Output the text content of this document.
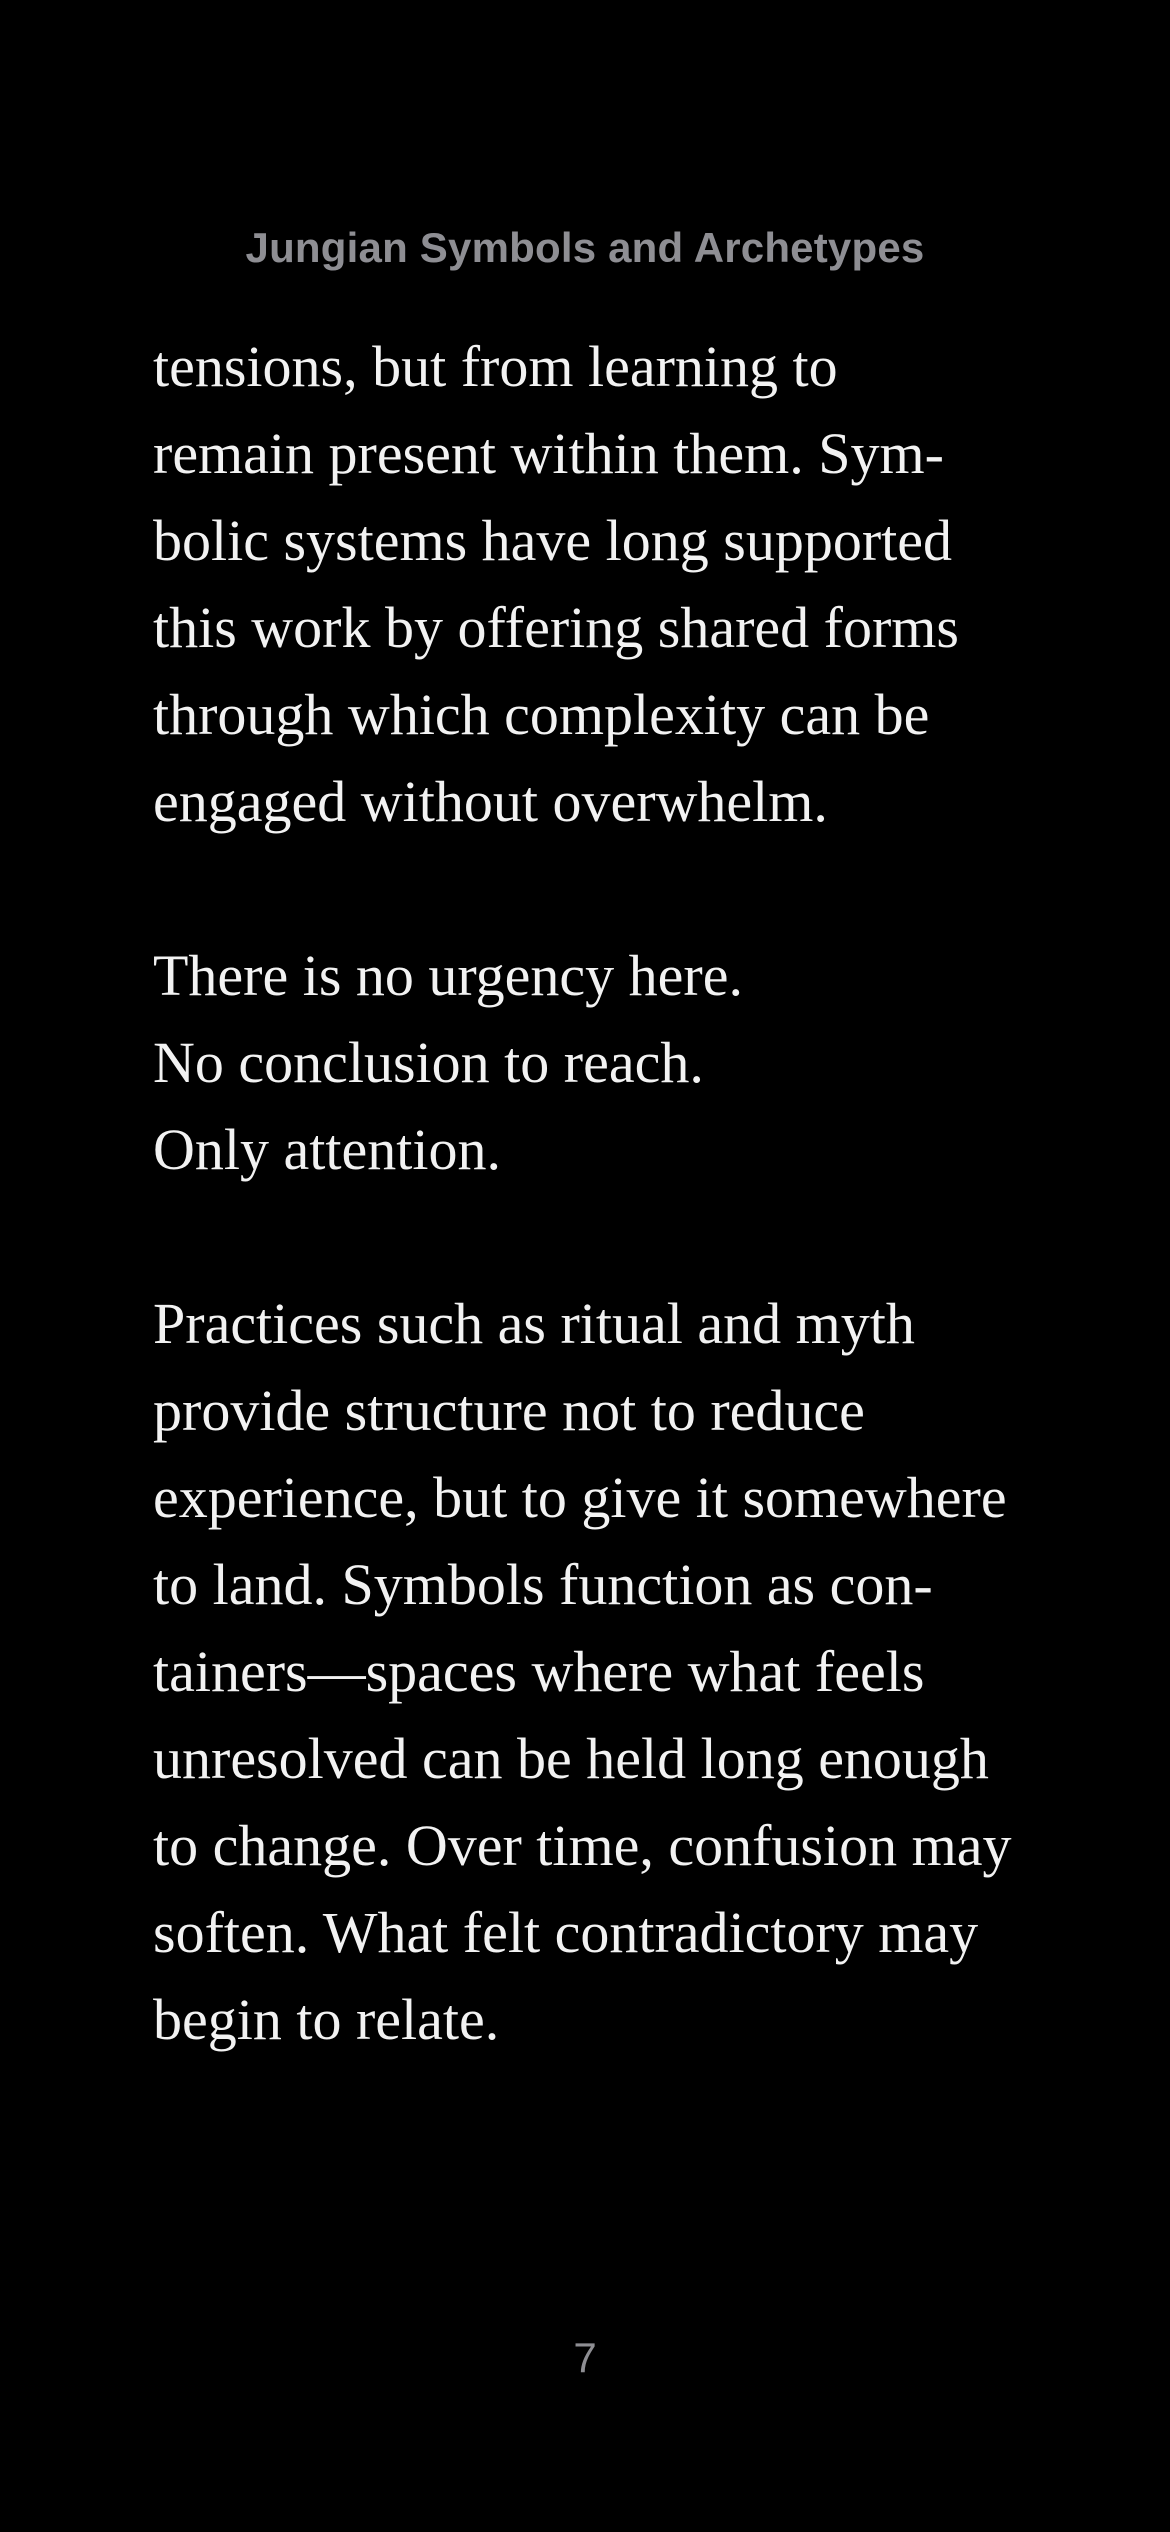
Jungian Symbols and Archetypes
tensions, but from learning to
remain present within them. Sym-
bolic systems have long supported
this work by offering shared forms
through which complexity can be
engaged without overwhelm.
There is no urgency here.
No conclusion to reach.
Only attention.
Practices such as ritual and myth
provide structure not to reduce
experience, but to give it somewhere
to land. Symbols function as con-
tainers—spaces where what feels
unresolved can be held long enough
to change. Over time, confusion may
soften. What felt contradictory may
begin to relate.
7
